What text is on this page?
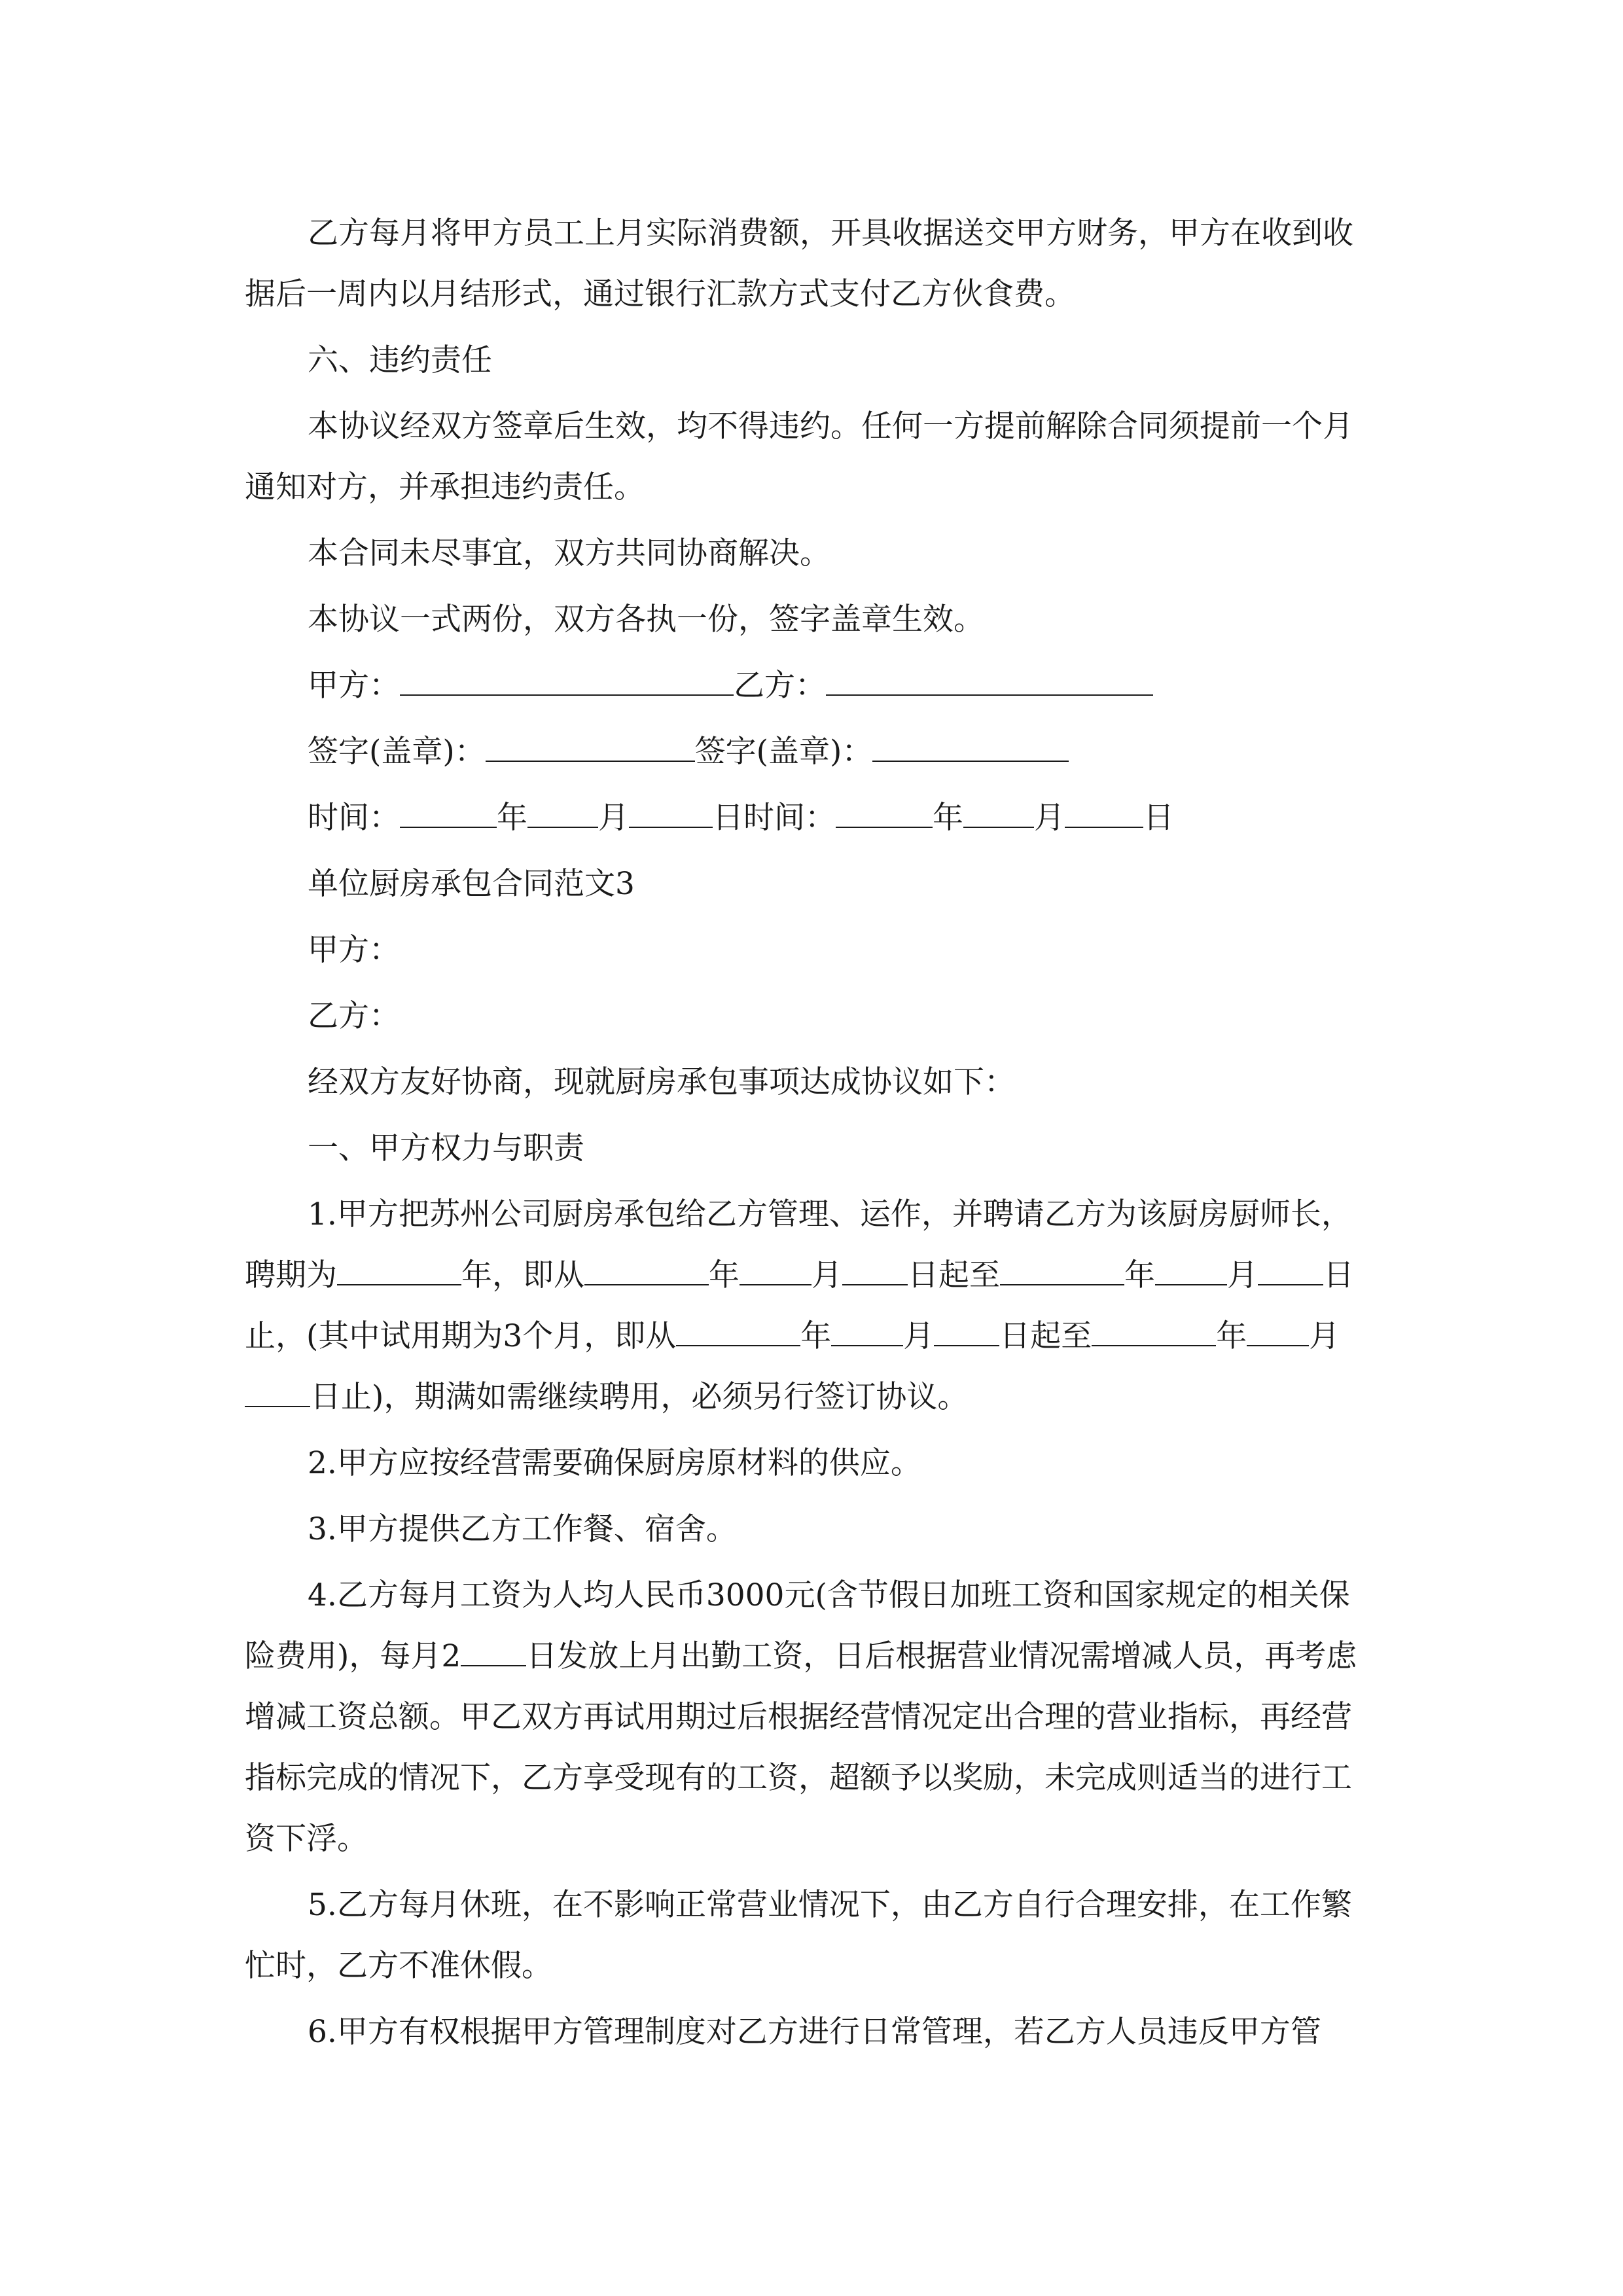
乙方每月将甲方员工上月实际消费额，开具收据送交甲方财务，甲方在收到收据后一周内以月结形式，通过银行汇款方式支付乙方伙食费。

六、违约责任

本协议经双方签章后生效，均不得违约。任何一方提前解除合同须提前一个月通知对方，并承担违约责任。

本合同未尽事宜，双方共同协商解决。

本协议一式两份，双方各执一份，签字盖章生效。

甲方：	乙方：

签字(盖章)：	签字(盖章)：

时间：	年 月	日时间：	年 月	日

单位厨房承包合同范文3

甲方：

乙方：

经双方友好协商，现就厨房承包事项达成协议如下：

一、甲方权力与职责

1.甲方把苏州公司厨房承包给乙方管理、运作，并聘请乙方为该厨房厨师长，聘期为	年，即从	年 月 日起至	年 月 日止，(其中试用期为3个月，即从	年 月 日起至	年 月日止)，期满如需继续聘用，必须另行签订协议。

2.甲方应按经营需要确保厨房原材料的供应。

3.甲方提供乙方工作餐、宿舍。

4.乙方每月工资为人均人民币3000元(含节假日加班工资和国家规定的相关保险费用)，每月2 日发放上月出勤工资，日后根据营业情况需增减人员，再考虑增减工资总额。甲乙双方再试用期过后根据经营情况定出合理的营业指标，再经营指标完成的情况下，乙方享受现有的工资，超额予以奖励，未完成则适当的进行工资下浮。

5.乙方每月休班，在不影响正常营业情况下，由乙方自行合理安排，在工作繁忙时，乙方不准休假。

6.甲方有权根据甲方管理制度对乙方进行日常管理，若乙方人员违反甲方管
